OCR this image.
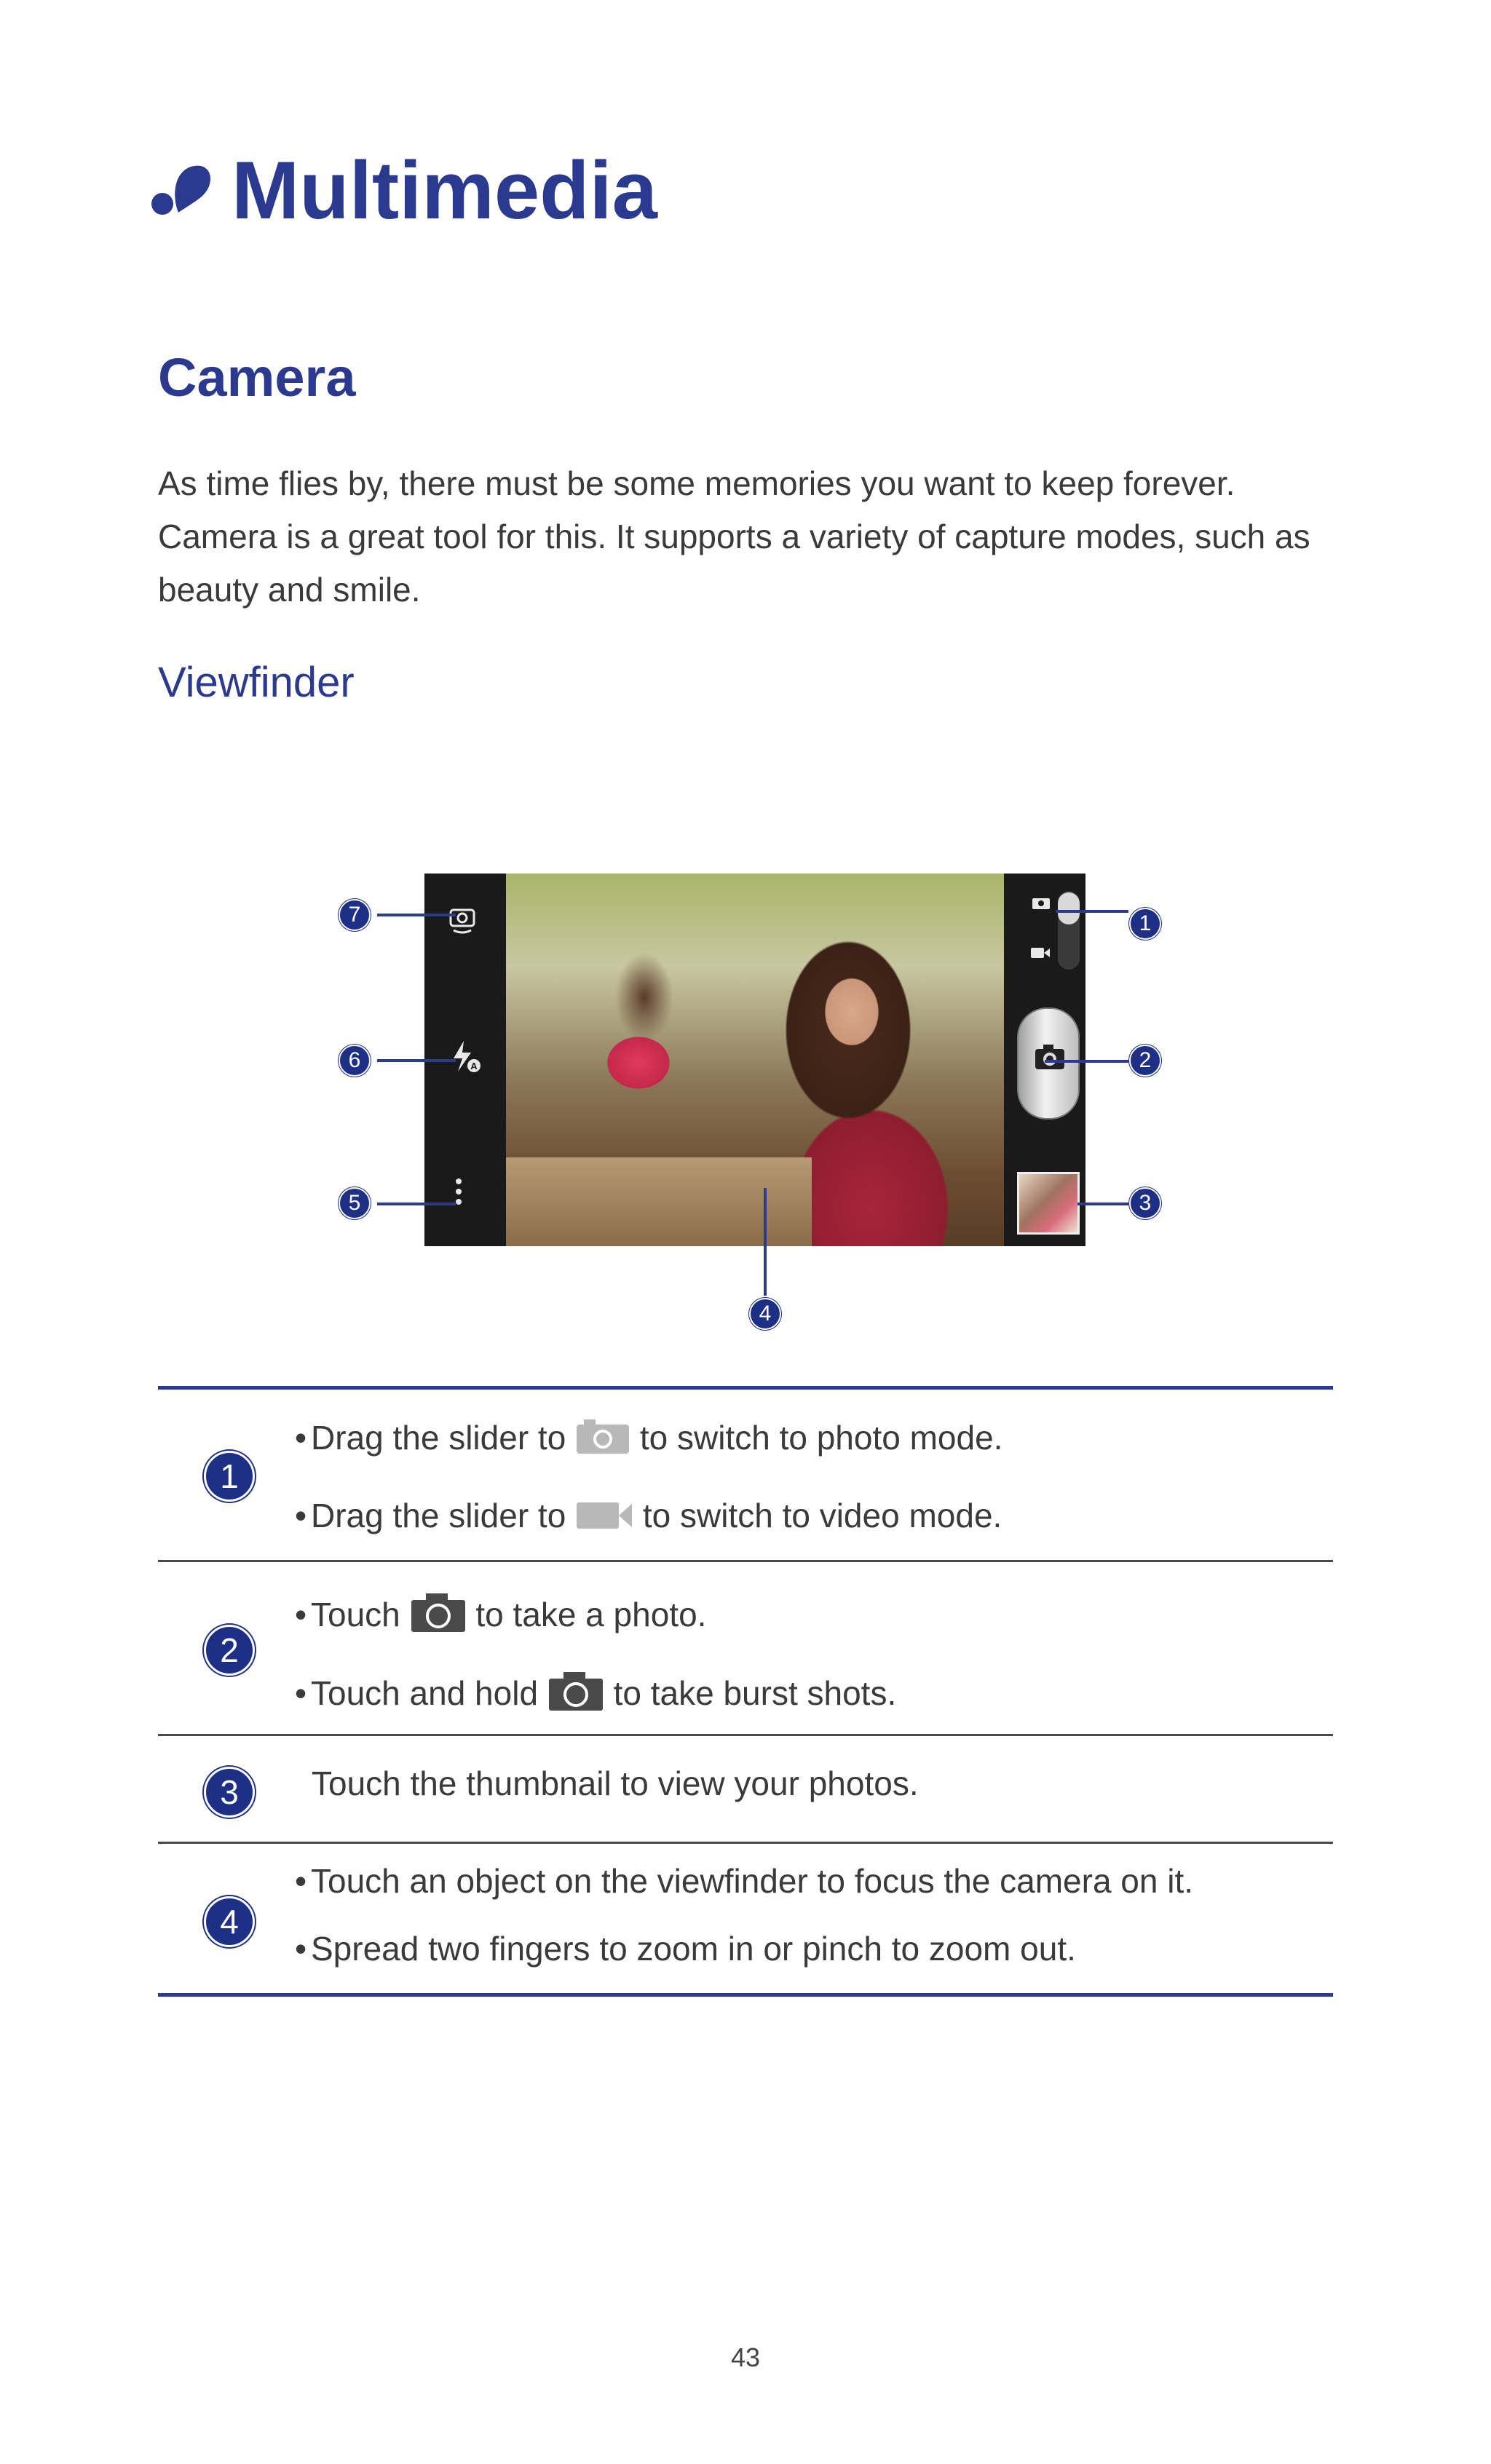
Multimedia
Camera
As time flies by, there must be some memories you want to keep forever. Camera is a great tool for this. It supports a variety of capture modes, such as beauty and smile.
Viewfinder
A
1
2
3
4
5
6
7
1
• Drag the slider to to switch to photo mode.
• Drag the slider to to switch to video mode.
2
• Touch to take a photo.
• Touch and hold to take burst shots.
3	Touch the thumbnail to view your photos.
4
• Touch an object on the viewfinder to focus the camera on it.
• Spread two fingers to zoom in or pinch to zoom out.
43
